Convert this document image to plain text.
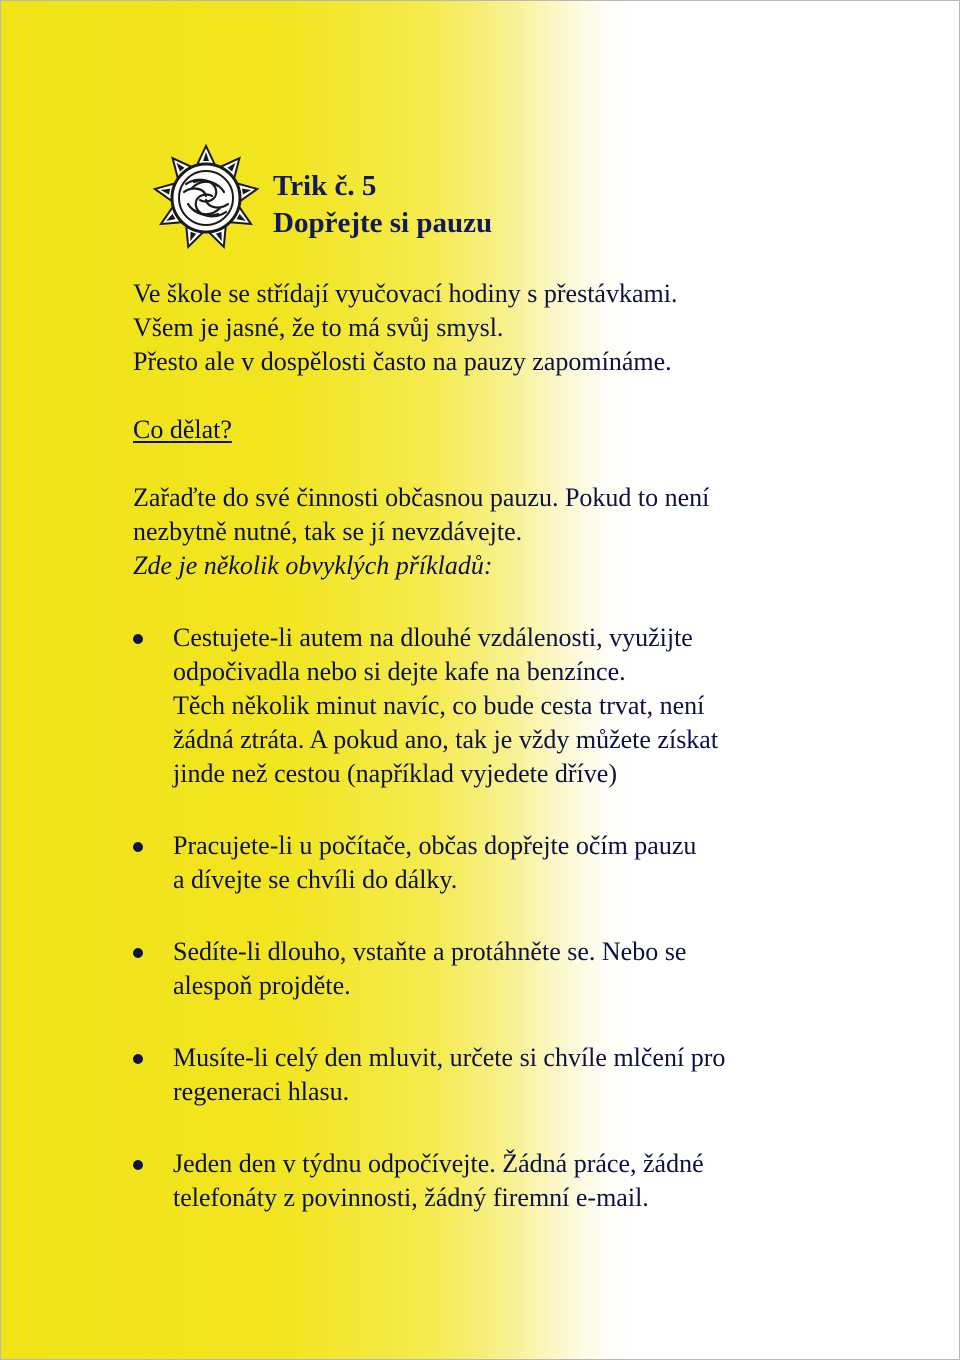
Trik č. 5
Dopřejte si pauzu

Ve škole se střídají vyučovací hodiny s přestávkami.

Všem je jasné, že to má svůj smysl.

Přesto ale v dospělosti často na pauzy zapomínáme.

Co dělat?

Zařaďte do své činnosti občasnou pauzu. Pokud to není

nezbytně nutné, tak se jí nevzdávejte.

Zde je několik obvyklých příkladů:

Cestujete-li autem na dlouhé vzdálenosti, využijte
odpočivadla nebo si dejte kafe na benzínce.
Těch několik minut navíc, co bude cesta trvat, není
žádná ztráta. A pokud ano, tak je vždy můžete získat
jinde než cestou (například vyjedete dříve)
Pracujete-li u počítače, občas dopřejte očím pauzu
a dívejte se chvíli do dálky.
Sedíte-li dlouho, vstaňte a protáhněte se. Nebo se
alespoň projděte.
Musíte-li celý den mluvit, určete si chvíle mlčení pro
regeneraci hlasu.
Jeden den v týdnu odpočívejte. Žádná práce, žádné
telefonáty z povinnosti, žádný firemní e-mail.
